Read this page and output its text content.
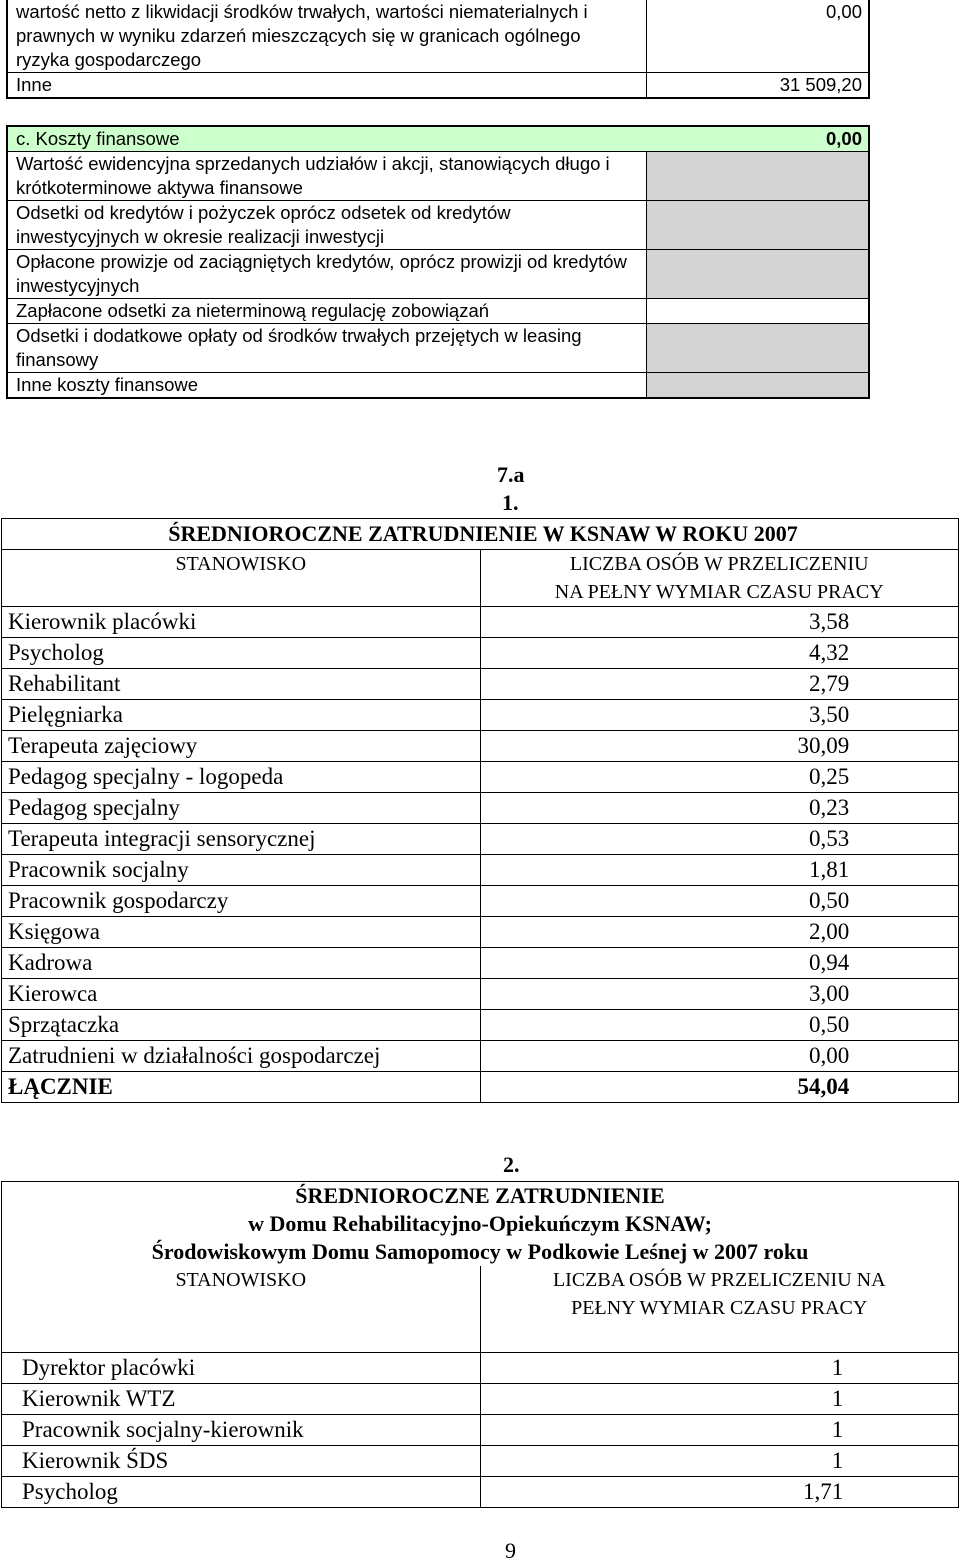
wartość netto z likwidacji środków trwałych, wartości niematerialnych i prawnych w wyniku zdarzeń mieszczących się w granicach ogólnego ryzyka gospodarczego	0,00
Inne	31 509,20
c. Koszty finansowe	0,00
Wartość ewidencyjna sprzedanych udziałów i akcji, stanowiących długo i krótkoterminowe aktywa finansowe	
Odsetki od kredytów i pożyczek oprócz odsetek od kredytów inwestycyjnych w okresie realizacji inwestycji	
Opłacone prowizje od zaciągniętych kredytów, oprócz prowizji od kredytów inwestycyjnych	
Zapłacone odsetki za nieterminową regulację zobowiązań	
Odsetki i dodatkowe opłaty od środków trwałych przejętych w leasing finansowy	
Inne koszty finansowe	
7.a
1.
ŚREDNIOROCZNE ZATRUDNIENIE W KSNAW W ROKU 2007	
STANOWISKO	LICZBA OSÓB W PRZELICZENIU
NA PEŁNY WYMIAR CZASU PRACY

Kierownik placówki	3,58
Psycholog	4,32
Rehabilitant	2,79
Pielęgniarka	3,50
Terapeuta zajęciowy	30,09
Pedagog specjalny - logopeda	0,25
Pedagog specjalny	0,23
Terapeuta integracji sensorycznej	0,53
Pracownik socjalny	1,81
Pracownik gospodarczy	0,50
Księgowa	2,00
Kadrowa	0,94
Kierowca	3,00
Sprzątaczka	0,50
Zatrudnieni w działalności gospodarczej	0,00
ŁĄCZNIE	54,04
2.
ŚREDNIOROCZNE ZATRUDNIENIE
w Domu Rehabilitacyjno-Opiekuńczym KSNAW;
Środowiskowym Domu Samopomocy w Podkowie Leśnej w 2007 roku	

STANOWISKO	LICZBA OSÓB W PRZELICZENIU NA
PEŁNY WYMIAR CZASU PRACY

Dyrektor placówki	1
Kierownik WTZ	1
Pracownik socjalny-kierownik	1
Kierownik ŚDS	1
Psycholog	1,71
9
